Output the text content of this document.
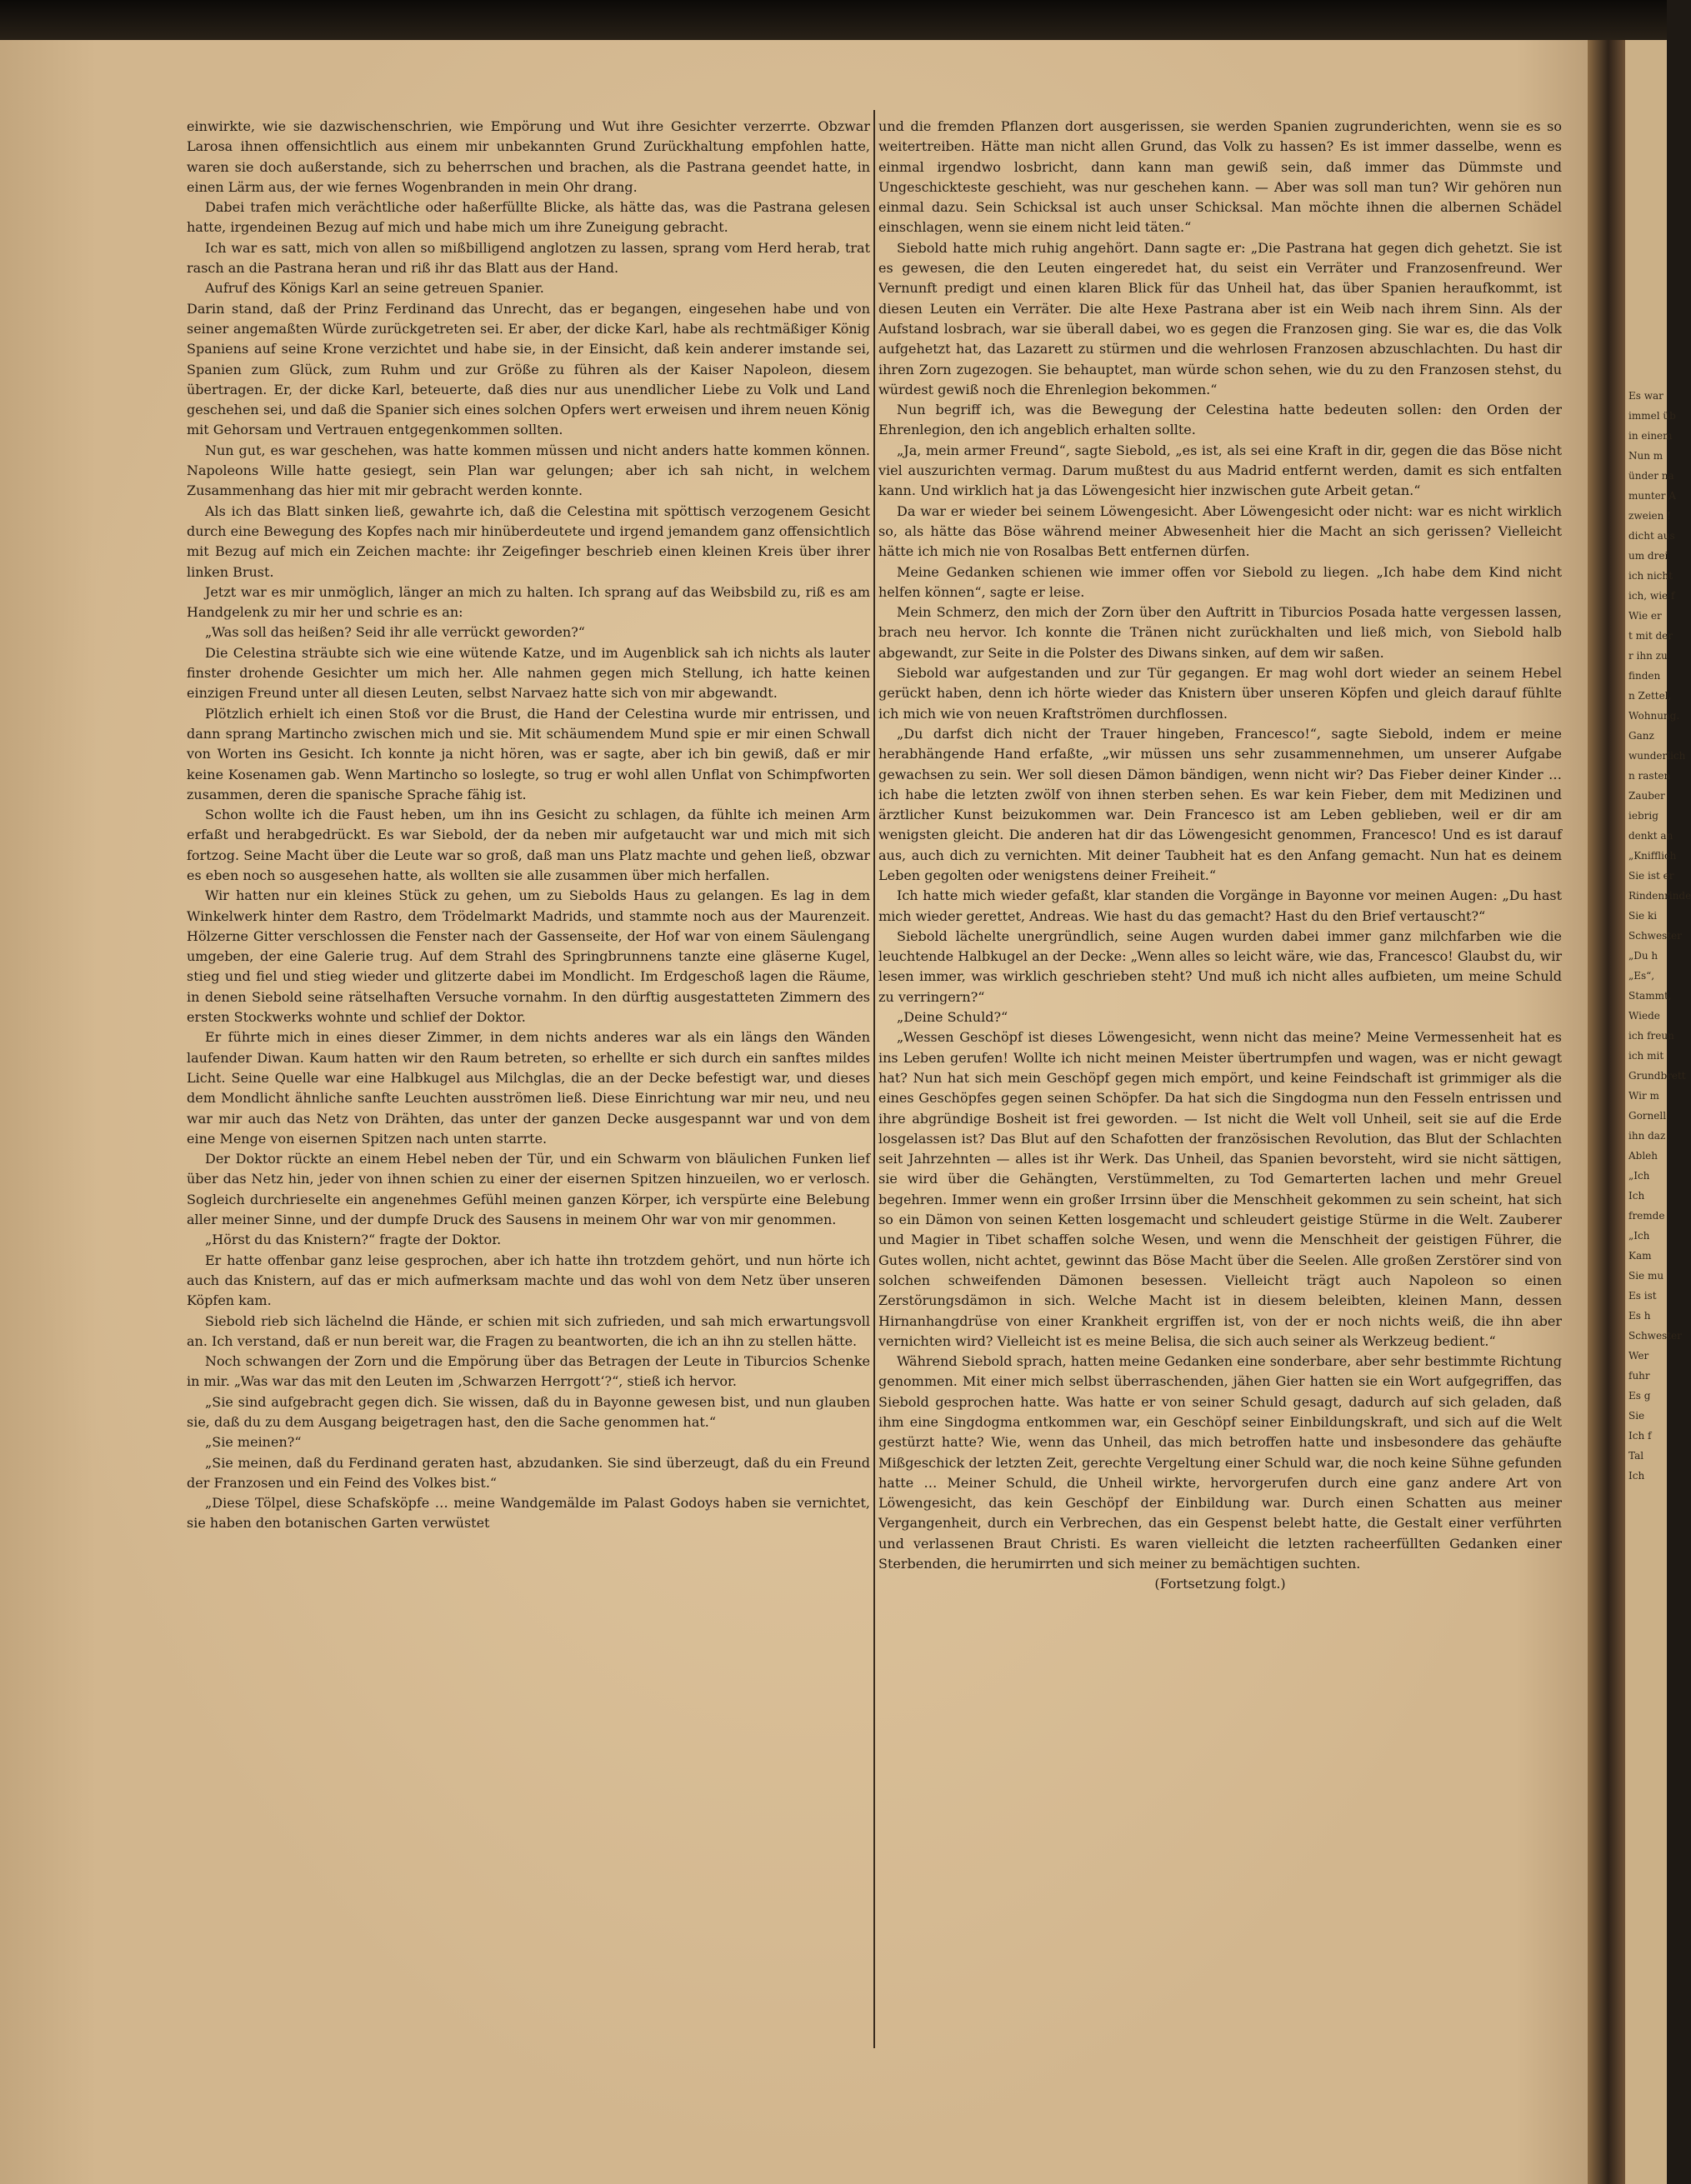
Es war
immel üb
in einem
Nun m
ünder na
munter A
zweien !
dicht aus
um drei
ich nicht
ich, wie f
Wie er
t mit der
r ihn zu
finden
n Zettel,
Wohnung.
Ganz
wunderlich
n rasten
Zauber
iebrig
denkt an
„Knifflich
Sie ist er
Rindenrinde
Sie ki
Schwester
„Du h
„Es“,
Stammt,
Wiede
ich freun
ich mit
Grundbrett
Wir m
Gornell
ihn daz
Ableh
„Ich
Ich
fremde
„Ich
Kam
Sie mu
Es ist
Es h
Schwester
Wer
fuhr
Es g
Sie
Ich f
Tal
Ich

einwirkte, wie sie dazwischenschrien, wie Empörung und Wut ihre Gesichter verzerrte. Obzwar Larosa ihnen offensichtlich aus einem mir unbekannten Grund Zurückhaltung empfohlen hatte, waren sie doch außerstande, sich zu beherrschen und brachen, als die Pastrana geendet hatte, in einen Lärm aus, der wie fernes Wogenbranden in mein Ohr drang.

Dabei trafen mich verächtliche oder haßerfüllte Blicke, als hätte das, was die Pastrana gelesen hatte, irgendeinen Bezug auf mich und habe mich um ihre Zuneigung gebracht.

Ich war es satt, mich von allen so mißbilligend anglotzen zu lassen, sprang vom Herd herab, trat rasch an die Pastrana heran und riß ihr das Blatt aus der Hand.

Aufruf des Königs Karl an seine getreuen Spanier.

Darin stand, daß der Prinz Ferdinand das Unrecht, das er begangen, eingesehen habe und von seiner angemaßten Würde zurückgetreten sei. Er aber, der dicke Karl, habe als rechtmäßiger König Spaniens auf seine Krone verzichtet und habe sie, in der Einsicht, daß kein anderer imstande sei, Spanien zum Glück, zum Ruhm und zur Größe zu führen als der Kaiser Napoleon, diesem übertragen. Er, der dicke Karl, beteuerte, daß dies nur aus unendlicher Liebe zu Volk und Land geschehen sei, und daß die Spanier sich eines solchen Opfers wert erweisen und ihrem neuen König mit Gehorsam und Vertrauen entgegenkommen sollten.

Nun gut, es war geschehen, was hatte kommen müssen und nicht anders hatte kommen können. Napoleons Wille hatte gesiegt, sein Plan war gelungen; aber ich sah nicht, in welchem Zusammenhang das hier mit mir gebracht werden konnte.

Als ich das Blatt sinken ließ, gewahrte ich, daß die Celestina mit spöttisch verzogenem Gesicht durch eine Bewegung des Kopfes nach mir hinüberdeutete und irgend jemandem ganz offensichtlich mit Bezug auf mich ein Zeichen machte: ihr Zeigefinger beschrieb einen kleinen Kreis über ihrer linken Brust.

Jetzt war es mir unmöglich, länger an mich zu halten. Ich sprang auf das Weibsbild zu, riß es am Handgelenk zu mir her und schrie es an:

„Was soll das heißen? Seid ihr alle verrückt geworden?“

Die Celestina sträubte sich wie eine wütende Katze, und im Augenblick sah ich nichts als lauter finster drohende Gesichter um mich her. Alle nahmen gegen mich Stellung, ich hatte keinen einzigen Freund unter all diesen Leuten, selbst Narvaez hatte sich von mir abgewandt.

Plötzlich erhielt ich einen Stoß vor die Brust, die Hand der Celestina wurde mir entrissen, und dann sprang Martincho zwischen mich und sie. Mit schäumendem Mund spie er mir einen Schwall von Worten ins Gesicht. Ich konnte ja nicht hören, was er sagte, aber ich bin gewiß, daß er mir keine Kosenamen gab. Wenn Martincho so loslegte, so trug er wohl allen Unflat von Schimpfworten zusammen, deren die spanische Sprache fähig ist.

Schon wollte ich die Faust heben, um ihn ins Gesicht zu schlagen, da fühlte ich meinen Arm erfaßt und herabgedrückt. Es war Siebold, der da neben mir aufgetaucht war und mich mit sich fortzog. Seine Macht über die Leute war so groß, daß man uns Platz machte und gehen ließ, obzwar es eben noch so ausgesehen hatte, als wollten sie alle zusammen über mich herfallen.

Wir hatten nur ein kleines Stück zu gehen, um zu Siebolds Haus zu gelangen. Es lag in dem Winkelwerk hinter dem Rastro, dem Trödelmarkt Madrids, und stammte noch aus der Maurenzeit. Hölzerne Gitter verschlossen die Fenster nach der Gassenseite, der Hof war von einem Säulengang umgeben, der eine Galerie trug. Auf dem Strahl des Springbrunnens tanzte eine gläserne Kugel, stieg und fiel und stieg wieder und glitzerte dabei im Mondlicht. Im Erdgeschoß lagen die Räume, in denen Siebold seine rätselhaften Versuche vornahm. In den dürftig ausgestatteten Zimmern des ersten Stockwerks wohnte und schlief der Doktor.

Er führte mich in eines dieser Zimmer, in dem nichts anderes war als ein längs den Wänden laufender Diwan. Kaum hatten wir den Raum betreten, so erhellte er sich durch ein sanftes mildes Licht. Seine Quelle war eine Halbkugel aus Milchglas, die an der Decke befestigt war, und dieses dem Mondlicht ähnliche sanfte Leuchten ausströmen ließ. Diese Einrichtung war mir neu, und neu war mir auch das Netz von Drähten, das unter der ganzen Decke ausgespannt war und von dem eine Menge von eisernen Spitzen nach unten starrte.

Der Doktor rückte an einem Hebel neben der Tür, und ein Schwarm von bläulichen Funken lief über das Netz hin, jeder von ihnen schien zu einer der eisernen Spitzen hinzueilen, wo er verlosch. Sogleich durchrieselte ein angenehmes Gefühl meinen ganzen Körper, ich verspürte eine Belebung aller meiner Sinne, und der dumpfe Druck des Sausens in meinem Ohr war von mir genommen.

„Hörst du das Knistern?“ fragte der Doktor.

Er hatte offenbar ganz leise gesprochen, aber ich hatte ihn trotzdem gehört, und nun hörte ich auch das Knistern, auf das er mich aufmerksam machte und das wohl von dem Netz über unseren Köpfen kam.

Siebold rieb sich lächelnd die Hände, er schien mit sich zufrieden, und sah mich erwartungsvoll an. Ich verstand, daß er nun bereit war, die Fragen zu beantworten, die ich an ihn zu stellen hätte.

Noch schwangen der Zorn und die Empörung über das Betragen der Leute in Tiburcios Schenke in mir. „Was war das mit den Leuten im ‚Schwarzen Herrgott‘?“, stieß ich hervor.

„Sie sind aufgebracht gegen dich. Sie wissen, daß du in Bayonne gewesen bist, und nun glauben sie, daß du zu dem Ausgang beigetragen hast, den die Sache genommen hat.“

„Sie meinen?“

„Sie meinen, daß du Ferdinand geraten hast, abzudanken. Sie sind überzeugt, daß du ein Freund der Franzosen und ein Feind des Volkes bist.“

„Diese Tölpel, diese Schafsköpfe … meine Wandgemälde im Palast Godoys haben sie vernichtet, sie haben den botanischen Garten verwüstet

und die fremden Pflanzen dort ausgerissen, sie werden Spanien zugrunderichten, wenn sie es so weitertreiben. Hätte man nicht allen Grund, das Volk zu hassen? Es ist immer dasselbe, wenn es einmal irgendwo losbricht, dann kann man gewiß sein, daß immer das Dümmste und Ungeschickteste geschieht, was nur geschehen kann. — Aber was soll man tun? Wir gehören nun einmal dazu. Sein Schicksal ist auch unser Schicksal. Man möchte ihnen die albernen Schädel einschlagen, wenn sie einem nicht leid täten.“

Siebold hatte mich ruhig angehört. Dann sagte er: „Die Pastrana hat gegen dich gehetzt. Sie ist es gewesen, die den Leuten eingeredet hat, du seist ein Verräter und Franzosenfreund. Wer Vernunft predigt und einen klaren Blick für das Unheil hat, das über Spanien heraufkommt, ist diesen Leuten ein Verräter. Die alte Hexe Pastrana aber ist ein Weib nach ihrem Sinn. Als der Aufstand losbrach, war sie überall dabei, wo es gegen die Franzosen ging. Sie war es, die das Volk aufgehetzt hat, das Lazarett zu stürmen und die wehrlosen Franzosen abzuschlachten. Du hast dir ihren Zorn zugezogen. Sie behauptet, man würde schon sehen, wie du zu den Franzosen stehst, du würdest gewiß noch die Ehrenlegion bekommen.“

Nun begriff ich, was die Bewegung der Celestina hatte bedeuten sollen: den Orden der Ehrenlegion, den ich angeblich erhalten sollte.

„Ja, mein armer Freund“, sagte Siebold, „es ist, als sei eine Kraft in dir, gegen die das Böse nicht viel auszurichten vermag. Darum mußtest du aus Madrid entfernt werden, damit es sich entfalten kann. Und wirklich hat ja das Löwengesicht hier inzwischen gute Arbeit getan.“

Da war er wieder bei seinem Löwengesicht. Aber Löwengesicht oder nicht: war es nicht wirklich so, als hätte das Böse während meiner Abwesenheit hier die Macht an sich gerissen? Vielleicht hätte ich mich nie von Rosalbas Bett entfernen dürfen.

Meine Gedanken schienen wie immer offen vor Siebold zu liegen. „Ich habe dem Kind nicht helfen können“, sagte er leise.

Mein Schmerz, den mich der Zorn über den Auftritt in Tiburcios Posada hatte vergessen lassen, brach neu hervor. Ich konnte die Tränen nicht zurückhalten und ließ mich, von Siebold halb abgewandt, zur Seite in die Polster des Diwans sinken, auf dem wir saßen.

Siebold war aufgestanden und zur Tür gegangen. Er mag wohl dort wieder an seinem Hebel gerückt haben, denn ich hörte wieder das Knistern über unseren Köpfen und gleich darauf fühlte ich mich wie von neuen Kraftströmen durchflossen.

„Du darfst dich nicht der Trauer hingeben, Francesco!“, sagte Siebold, indem er meine herabhängende Hand erfaßte, „wir müssen uns sehr zusammennehmen, um unserer Aufgabe gewachsen zu sein. Wer soll diesen Dämon bändigen, wenn nicht wir? Das Fieber deiner Kinder … ich habe die letzten zwölf von ihnen sterben sehen. Es war kein Fieber, dem mit Medizinen und ärztlicher Kunst beizukommen war. Dein Francesco ist am Leben geblieben, weil er dir am wenigsten gleicht. Die anderen hat dir das Löwengesicht genommen, Francesco! Und es ist darauf aus, auch dich zu vernichten. Mit deiner Taubheit hat es den Anfang gemacht. Nun hat es deinem Leben gegolten oder wenigstens deiner Freiheit.“

Ich hatte mich wieder gefaßt, klar standen die Vorgänge in Bayonne vor meinen Augen: „Du hast mich wieder gerettet, Andreas. Wie hast du das gemacht? Hast du den Brief vertauscht?“

Siebold lächelte unergründlich, seine Augen wurden dabei immer ganz milchfarben wie die leuchtende Halbkugel an der Decke: „Wenn alles so leicht wäre, wie das, Francesco! Glaubst du, wir lesen immer, was wirklich geschrieben steht? Und muß ich nicht alles aufbieten, um meine Schuld zu verringern?“

„Deine Schuld?“

„Wessen Geschöpf ist dieses Löwengesicht, wenn nicht das meine? Meine Vermessenheit hat es ins Leben gerufen! Wollte ich nicht meinen Meister übertrumpfen und wagen, was er nicht gewagt hat? Nun hat sich mein Geschöpf gegen mich empört, und keine Feindschaft ist grimmiger als die eines Geschöpfes gegen seinen Schöpfer. Da hat sich die Singdogma nun den Fesseln entrissen und ihre abgründige Bosheit ist frei geworden. — Ist nicht die Welt voll Unheil, seit sie auf die Erde losgelassen ist? Das Blut auf den Schafotten der französischen Revolution, das Blut der Schlachten seit Jahrzehnten — alles ist ihr Werk. Das Unheil, das Spanien bevorsteht, wird sie nicht sättigen, sie wird über die Gehängten, Verstümmelten, zu Tod Gemarterten lachen und mehr Greuel begehren. Immer wenn ein großer Irrsinn über die Menschheit gekommen zu sein scheint, hat sich so ein Dämon von seinen Ketten losgemacht und schleudert geistige Stürme in die Welt. Zauberer und Magier in Tibet schaffen solche Wesen, und wenn die Menschheit der geistigen Führer, die Gutes wollen, nicht achtet, gewinnt das Böse Macht über die Seelen. Alle großen Zerstörer sind von solchen schweifenden Dämonen besessen. Vielleicht trägt auch Napoleon so einen Zerstörungsdämon in sich. Welche Macht ist in diesem beleibten, kleinen Mann, dessen Hirnanhangdrüse von einer Krankheit ergriffen ist, von der er noch nichts weiß, die ihn aber vernichten wird? Vielleicht ist es meine Belisa, die sich auch seiner als Werkzeug bedient.“

Während Siebold sprach, hatten meine Gedanken eine sonderbare, aber sehr bestimmte Richtung genommen. Mit einer mich selbst überraschenden, jähen Gier hatten sie ein Wort aufgegriffen, das Siebold gesprochen hatte. Was hatte er von seiner Schuld gesagt, dadurch auf sich geladen, daß ihm eine Singdogma entkommen war, ein Geschöpf seiner Einbildungskraft, und sich auf die Welt gestürzt hatte? Wie, wenn das Unheil, das mich betroffen hatte und insbesondere das gehäufte Mißgeschick der letzten Zeit, gerechte Vergeltung einer Schuld war, die noch keine Sühne gefunden hatte … Meiner Schuld, die Unheil wirkte, hervorgerufen durch eine ganz andere Art von Löwengesicht, das kein Geschöpf der Einbildung war. Durch einen Schatten aus meiner Vergangenheit, durch ein Verbrechen, das ein Gespenst belebt hatte, die Gestalt einer verführten und verlassenen Braut Christi. Es waren vielleicht die letzten racheerfüllten Gedanken einer Sterbenden, die herumirrten und sich meiner zu bemächtigen suchten.

(Fortsetzung folgt.)
